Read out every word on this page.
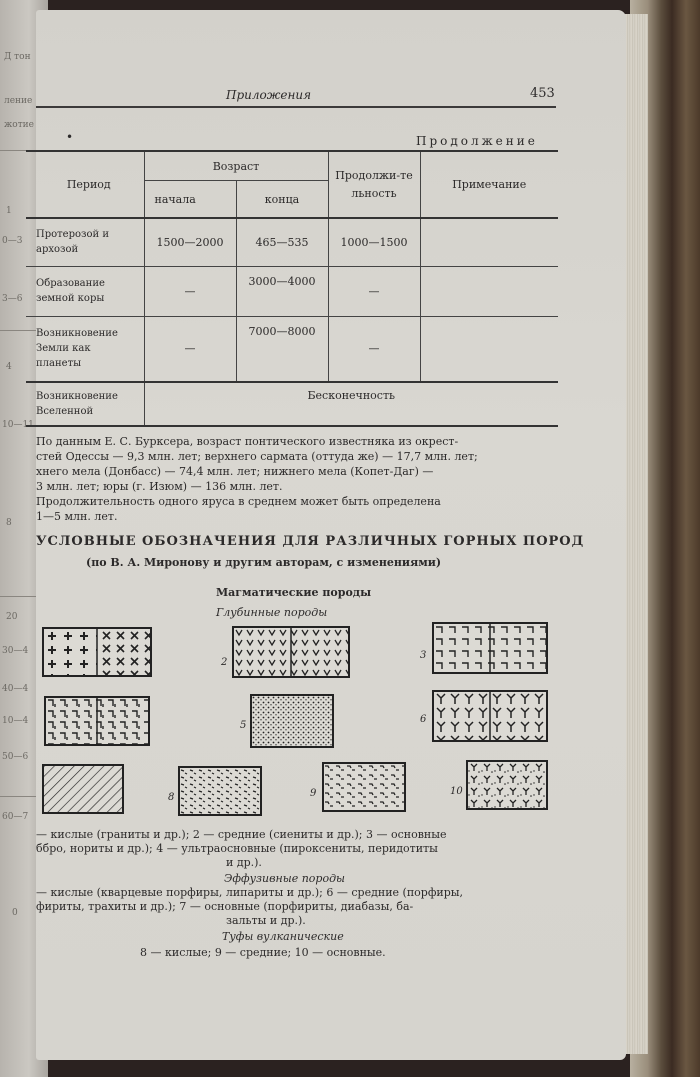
Д тон
ление
жотие
1
0—3
3—6
4
10—11
8
20
30—4
40—4
10—4
50—6
60—7
0
Приложения	453
•	Продолжение
Период	Возраст		Продолжи-тельность	Примечание
	начала	конца		

Протерозой и архозой	1500—2000	465—535	1000—1500	

Образование земной коры	—	3000—4000	—	

Возникновение Земли как планеты	—	7000—8000	—	

Возникновение Вселенной	Бесконечность			
По данным Е. С. Бурксера, возраст понтического известняка из окрест-
стей Одессы — 9,3 млн. лет; верхнего сармата (оттуда же) — 17,7 млн. лет;
хнего мела (Донбасс) — 74,4 млн. лет; нижнего мела (Копет-Даг) —
3 млн. лет; юры (г. Изюм) — 136 млн. лет.
Продолжительность одного яруса в среднем может быть определена
1—5 млн. лет.
УСЛОВНЫЕ ОБОЗНАЧЕНИЯ ДЛЯ РАЗЛИЧНЫХ ГОРНЫХ ПОРОД
(по В. А. Миронову и другим авторам, с изменениями)
Магматические породы
Глубинные породы
2
3
5
6
8	9	10
— кислые (граниты и др.); 2 — средние (сиениты и др.); 3 — основные
ббро, нориты и др.); 4 — ультраосновные (пироксениты, перидотиты
и др.).
Эффузивные породы
— кислые (кварцевые порфиры, липариты и др.); 6 — средние (порфиры,
фириты, трахиты и др.); 7 — основные (порфириты, диабазы, ба-
зальты и др.).
Туфы вулканические
8 — кислые; 9 — средние; 10 — основные.
